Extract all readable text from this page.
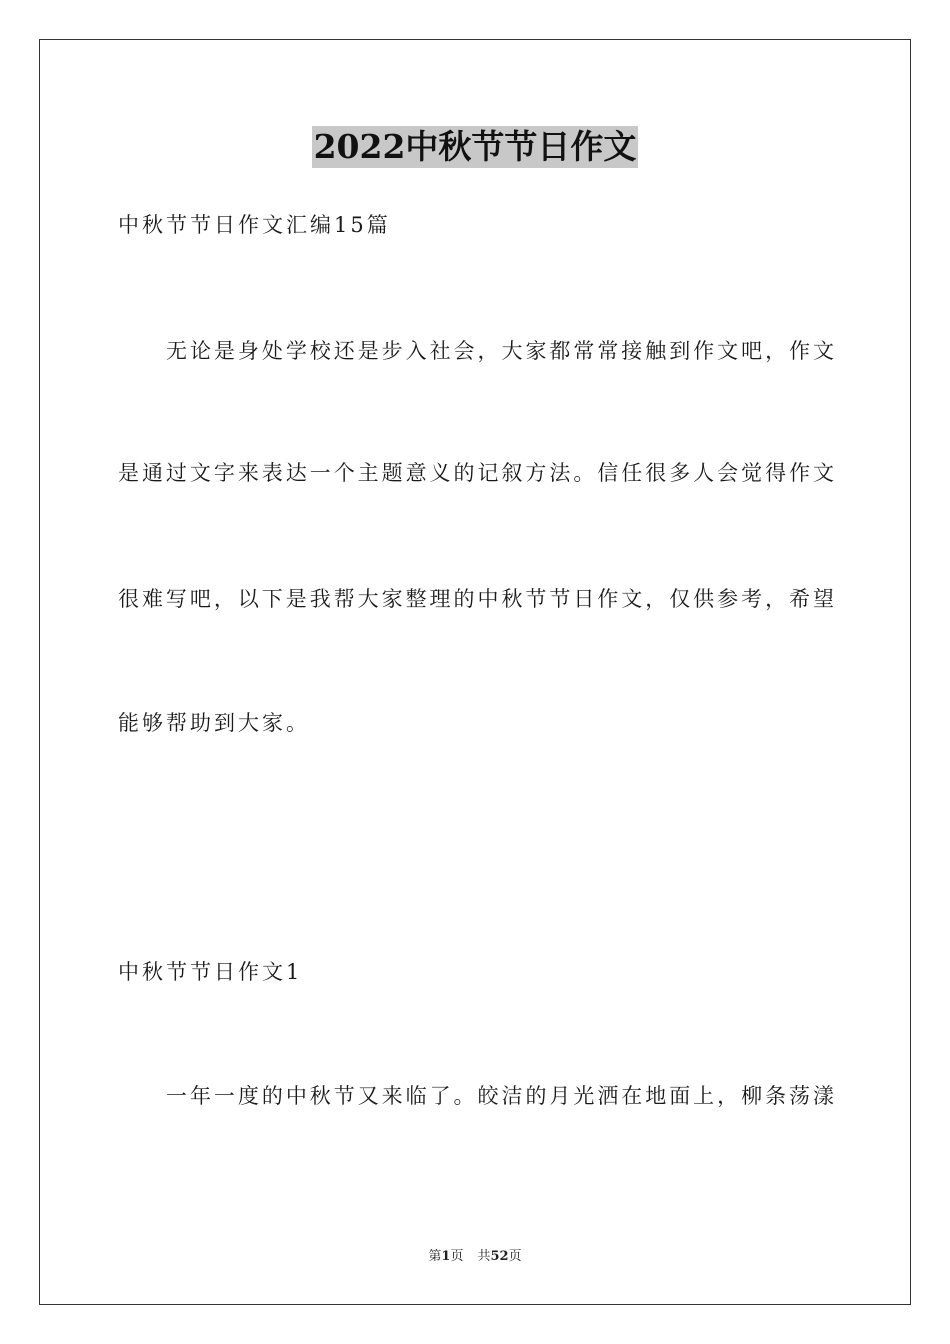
2022中秋节节日作文
中秋节节日作文汇编15篇
无论是身处学校还是步入社会，大家都常常接触到作文吧，作文
是通过文字来表达一个主题意义的记叙方法。信任很多人会觉得作文
很难写吧，以下是我帮大家整理的中秋节节日作文，仅供参考，希望
能够帮助到大家。
中秋节节日作文1
一年一度的中秋节又来临了。皎洁的月光洒在地面上，柳条荡漾
第1页 共52页
